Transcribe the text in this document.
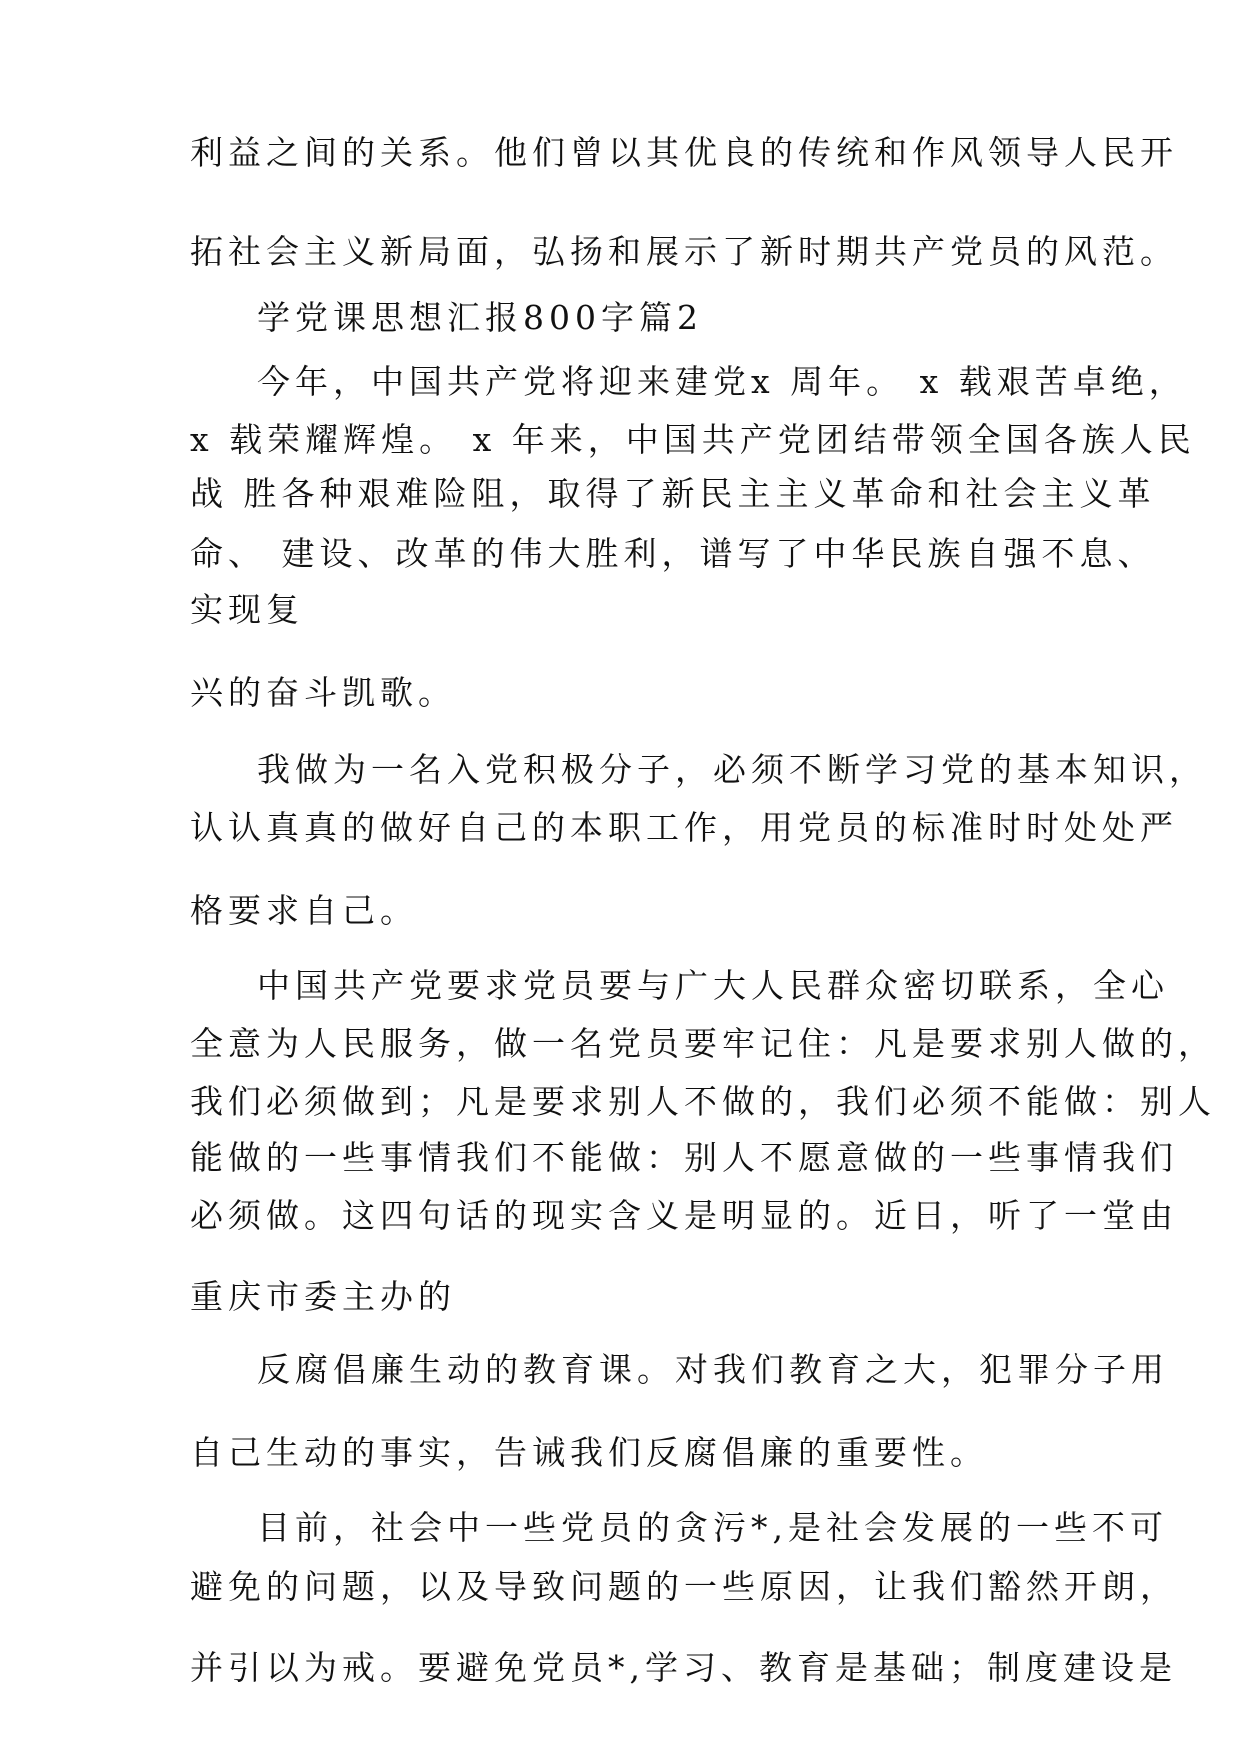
利益之间的关系。他们曾以其优良的传统和作风领导人民开
拓社会主义新局面，弘扬和展示了新时期共产党员的风范。
学党课思想汇报800字篇2
今年，中国共产党将迎来建党x 周年。 x 载艰苦卓绝，
x 载荣耀辉煌。 x 年来，中国共产党团结带领全国各族人民
战 胜各种艰难险阻，取得了新民主主义革命和社会主义革
命、 建设、改革的伟大胜利，谱写了中华民族自强不息、
实现复
兴的奋斗凯歌。
我做为一名入党积极分子，必须不断学习党的基本知识，
认认真真的做好自己的本职工作，用党员的标准时时处处严
格要求自己。
中国共产党要求党员要与广大人民群众密切联系，全心
全意为人民服务，做一名党员要牢记住：凡是要求别人做的，
我们必须做到；凡是要求别人不做的，我们必须不能做：别人
能做的一些事情我们不能做：别人不愿意做的一些事情我们
必须做。这四句话的现实含义是明显的。近日，听了一堂由
重庆市委主办的
反腐倡廉生动的教育课。对我们教育之大，犯罪分子用
自己生动的事实，告诫我们反腐倡廉的重要性。
目前，社会中一些党员的贪污*,是社会发展的一些不可
避免的问题，以及导致问题的一些原因，让我们豁然开朗，
并引以为戒。要避免党员*,学习、教育是基础；制度建设是
